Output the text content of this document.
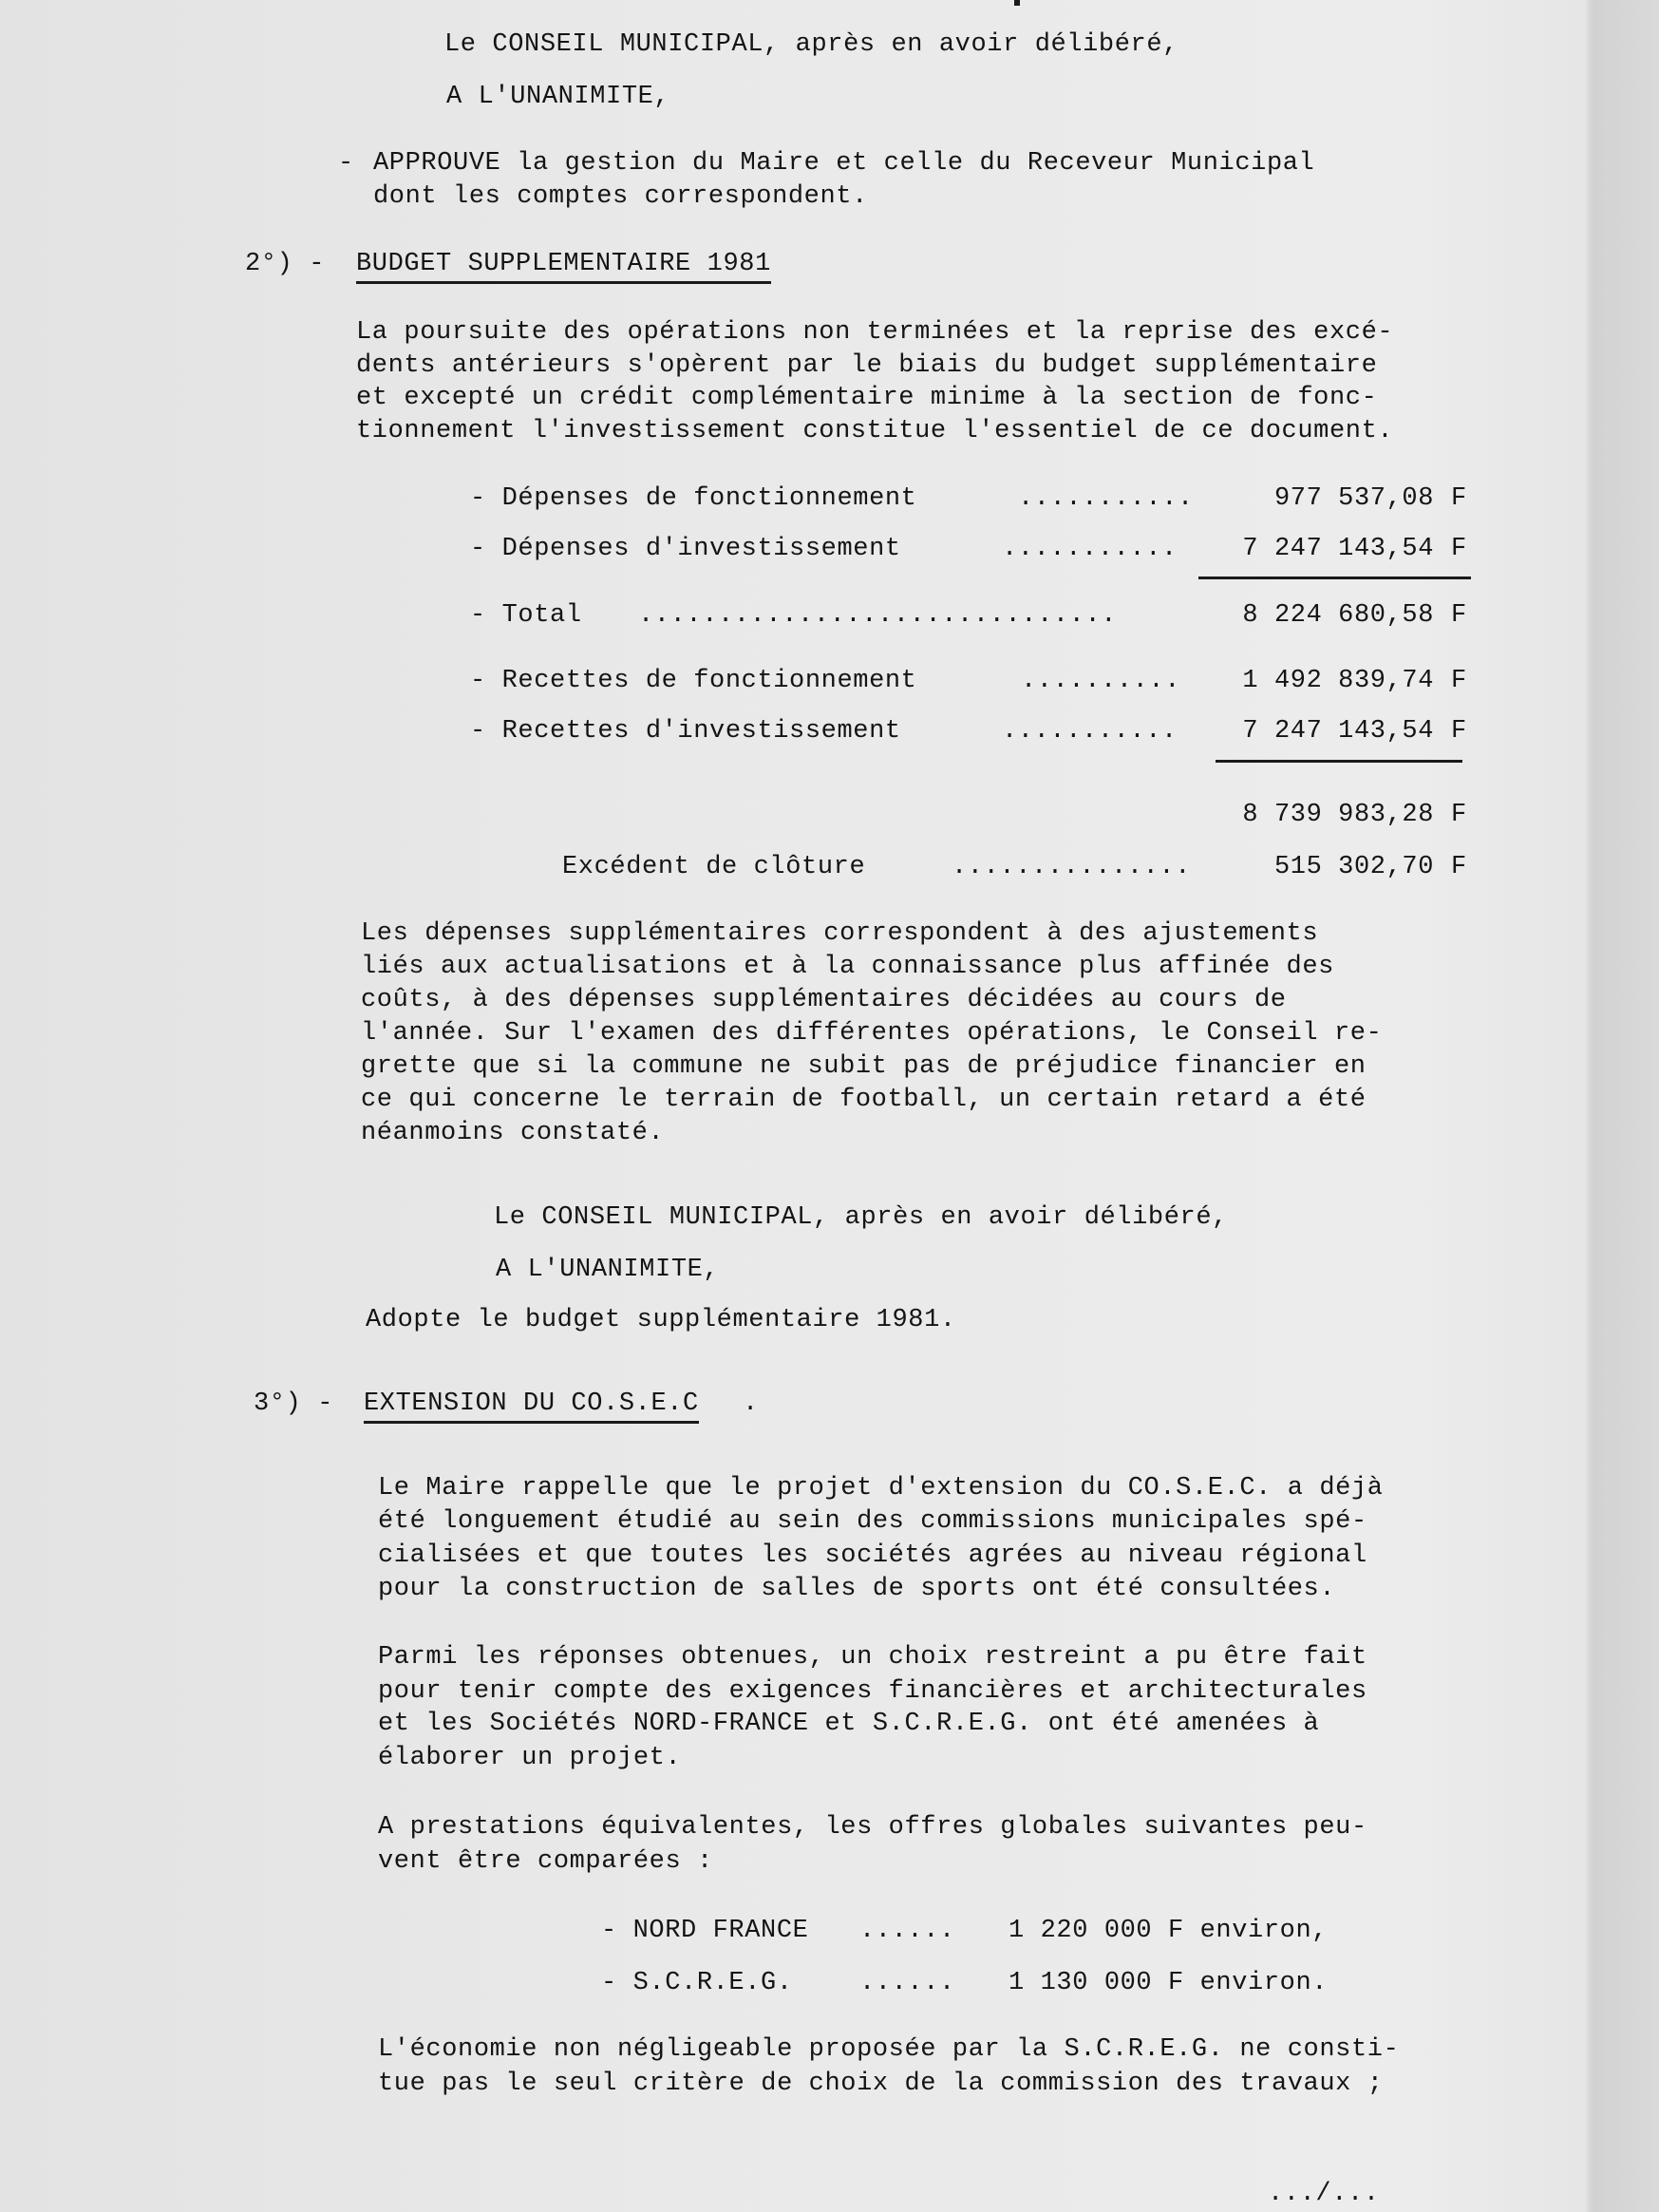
Le CONSEIL MUNICIPAL, après en avoir délibéré,
A L'UNANIMITE,
- APPROUVE la gestion du Maire et celle du Receveur Municipal
dont les comptes correspondent.
2°) - BUDGET SUPPLEMENTAIRE 1981
La poursuite des opérations non terminées et la reprise des excé-
dents antérieurs s'opèrent par le biais du budget supplémentaire
et excepté un crédit complémentaire minime à la section de fonc-
tionnement l'investissement constitue l'essentiel de ce document.
- Dépenses de fonctionnement	...........	977 537,08 F
- Dépenses d'investissement	...........	7 247 143,54 F
- Total ..............................	8 224 680,58 F
- Recettes de fonctionnement	..........	1 492 839,74 F
- Recettes d'investissement	...........	7 247 143,54 F
8 739 983,28 F
Excédent de clôture	...............	515 302,70 F
Les dépenses supplémentaires correspondent à des ajustements
liés aux actualisations et à la connaissance plus affinée des
coûts, à des dépenses supplémentaires décidées au cours de
l'année. Sur l'examen des différentes opérations, le Conseil re-
grette que si la commune ne subit pas de préjudice financier en
ce qui concerne le terrain de football, un certain retard a été
néanmoins constaté.
Le CONSEIL MUNICIPAL, après en avoir délibéré,
A L'UNANIMITE,
Adopte le budget supplémentaire 1981.
3°) - EXTENSION DU CO.S.E.C .
Le Maire rappelle que le projet d'extension du CO.S.E.C. a déjà
été longuement étudié au sein des commissions municipales spé-
cialisées et que toutes les sociétés agrées au niveau régional
pour la construction de salles de sports ont été consultées.
Parmi les réponses obtenues, un choix restreint a pu être fait
pour tenir compte des exigences financières et architecturales
et les Sociétés NORD-FRANCE et S.C.R.E.G. ont été amenées à
élaborer un projet.
A prestations équivalentes, les offres globales suivantes peu-
vent être comparées :
- NORD FRANCE ...... 1 220 000 F environ,
- S.C.R.E.G.	...... 1 130 000 F environ.
L'économie non négligeable proposée par la S.C.R.E.G. ne consti-
tue pas le seul critère de choix de la commission des travaux ;
.../...
